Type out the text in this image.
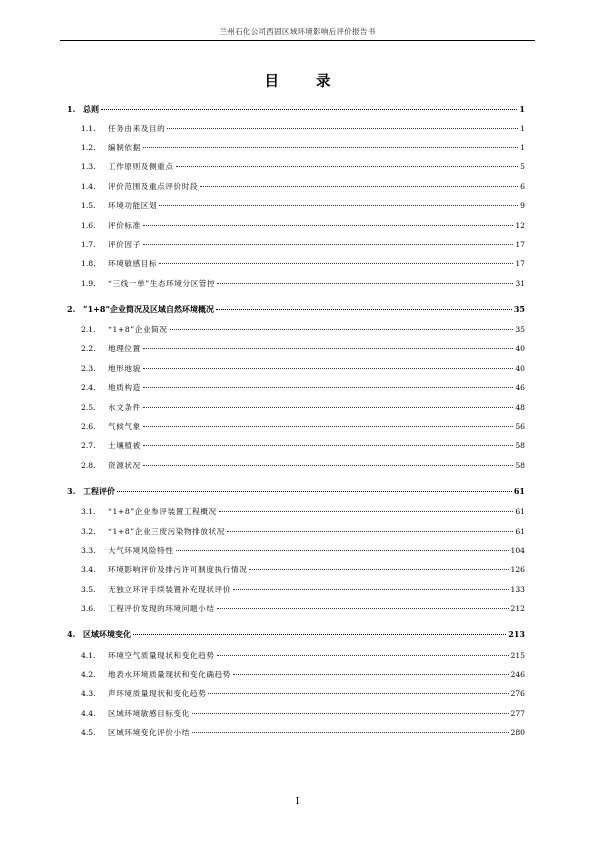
兰州石化公司西固区域环境影响后评价报告书
目 录
1. 总则	1
1.1.	任务由来及目的	1
1.2.	编制依据	1
1.3.	工作原则及侧重点	5
1.4.	评价范围及重点评价时段	6
1.5.	环境功能区划	9
1.6.	评价标准	12
1.7.	评价因子	17
1.8.	环境敏感目标	17
1.9.	“三线一单”生态环境分区管控	31
2. “1+8”企业简况及区域自然环境概况	35
2.1.	“1+8”企业简况	35
2.2.	地理位置	40
2.3.	地形地貌	40
2.4.	地质构造	46
2.5.	水文条件	48
2.6.	气候气象	56
2.7.	土壤植被	58
2.8.	资源状况	58
3. 工程评价	61
3.1.	“1+8”企业参评装置工程概况	61
3.2.	“1+8”企业三废污染物排放状况	61
3.3.	大气环境风险特性	104
3.4.	环境影响评价及排污许可制度执行情况	126
3.5.	无独立环评手续装置补充现状评价	133
3.6.	工程评价发现的环境问题小结	212
4. 区域环境变化	213
4.1.	环境空气质量现状和变化趋势	215
4.2.	地表水环境质量现状和变化确趋势	246
4.3.	声环境质量现状和变化趋势	276
4.4.	区域环境敏感目标变化	277
4.5.	区域环境变化评价小结	280
I
